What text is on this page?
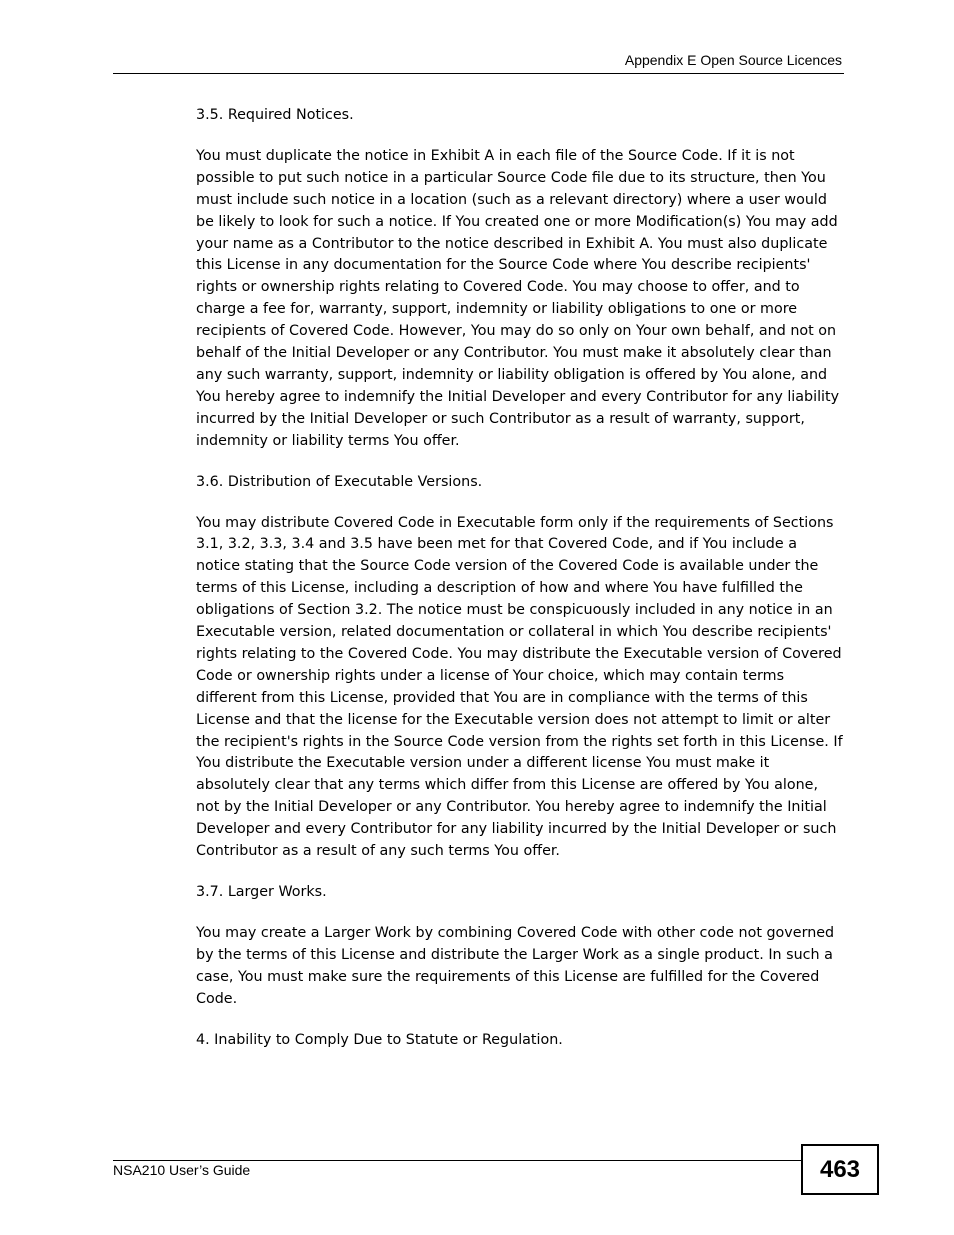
Appendix E Open Source Licences

3.5. Required Notices.

You must duplicate the notice in Exhibit A in each file of the Source Code. If it is not possible to put such notice in a particular Source Code file due to its structure, then You must include such notice in a location (such as a relevant directory) where a user would be likely to look for such a notice. If You created one or more Modification(s) You may add your name as a Contributor to the notice described in Exhibit A. You must also duplicate this License in any documentation for the Source Code where You describe recipients' rights or ownership rights relating to Covered Code. You may choose to offer, and to charge a fee for, warranty, support, indemnity or liability obligations to one or more recipients of Covered Code. However, You may do so only on Your own behalf, and not on behalf of the Initial Developer or any Contributor. You must make it absolutely clear than any such warranty, support, indemnity or liability obligation is offered by You alone, and You hereby agree to indemnify the Initial Developer and every Contributor for any liability incurred by the Initial Developer or such Contributor as a result of warranty, support, indemnity or liability terms You offer.

3.6. Distribution of Executable Versions.

You may distribute Covered Code in Executable form only if the requirements of Sections 3.1, 3.2, 3.3, 3.4 and 3.5 have been met for that Covered Code, and if You include a notice stating that the Source Code version of the Covered Code is available under the terms of this License, including a description of how and where You have fulfilled the obligations of Section 3.2. The notice must be conspicuously included in any notice in an Executable version, related documentation or collateral in which You describe recipients' rights relating to the Covered Code. You may distribute the Executable version of Covered Code or ownership rights under a license of Your choice, which may contain terms different from this License, provided that You are in compliance with the terms of this License and that the license for the Executable version does not attempt to limit or alter the recipient's rights in the Source Code version from the rights set forth in this License. If You distribute the Executable version under a different license You must make it absolutely clear that any terms which differ from this License are offered by You alone, not by the Initial Developer or any Contributor. You hereby agree to indemnify the Initial Developer and every Contributor for any liability incurred by the Initial Developer or such Contributor as a result of any such terms You offer.

3.7. Larger Works.

You may create a Larger Work by combining Covered Code with other code not governed by the terms of this License and distribute the Larger Work as a single product. In such a case, You must make sure the requirements of this License are fulfilled for the Covered Code.

4. Inability to Comply Due to Statute or Regulation.

NSA210 User’s Guide	463
